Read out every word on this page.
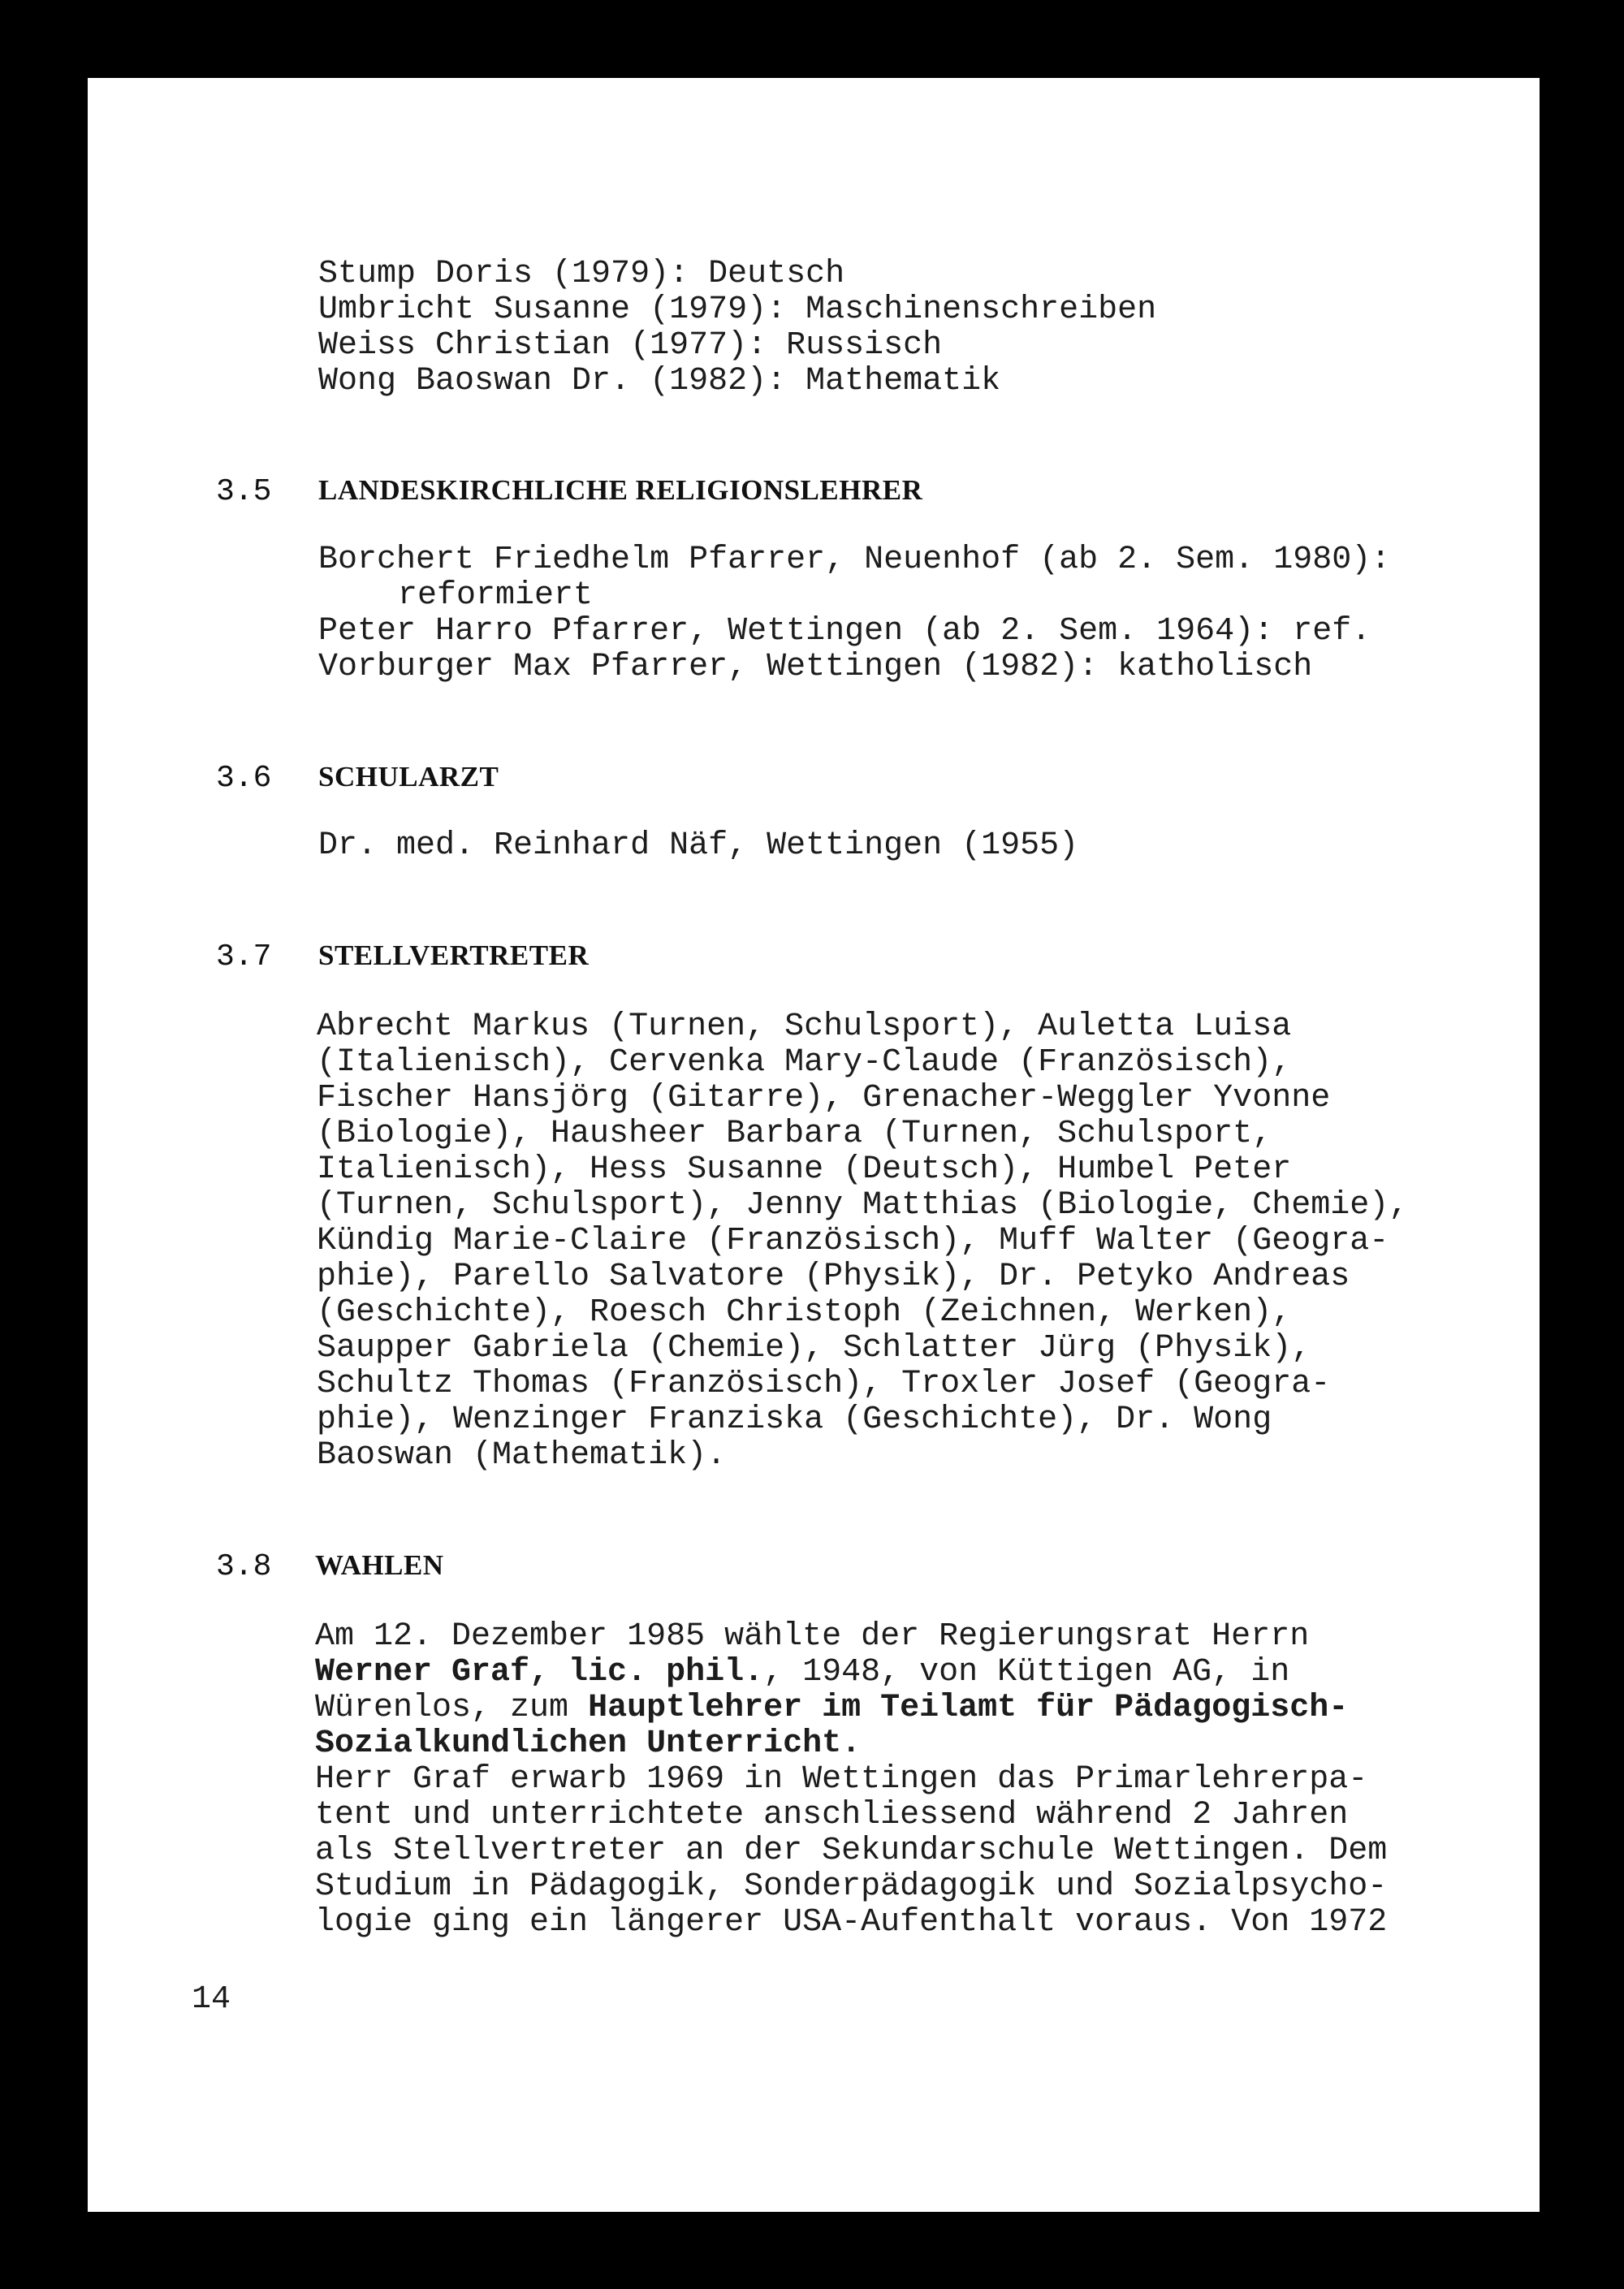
Stump Doris (1979): Deutsch

Umbricht Susanne (1979): Maschinenschreiben

Weiss Christian (1977): Russisch

Wong Baoswan Dr. (1982): Mathematik

3.5 LANDESKIRCHLICHE RELIGIONSLEHRER

Borchert Friedhelm Pfarrer, Neuenhof (ab 2. Sem. 1980):

reformiert

Peter Harro Pfarrer, Wettingen (ab 2. Sem. 1964): ref.

Vorburger Max Pfarrer, Wettingen (1982): katholisch

3.6 SCHULARZT

Dr. med. Reinhard Näf, Wettingen (1955)

3.7 STELLVERTRETER

Abrecht Markus (Turnen, Schulsport), Auletta Luisa

(Italienisch), Cervenka Mary-Claude (Französisch),

Fischer Hansjörg (Gitarre), Grenacher-Weggler Yvonne

(Biologie), Hausheer Barbara (Turnen, Schulsport,

Italienisch), Hess Susanne (Deutsch), Humbel Peter

(Turnen, Schulsport), Jenny Matthias (Biologie, Chemie),

Kündig Marie-Claire (Französisch), Muff Walter (Geogra-

phie), Parello Salvatore (Physik), Dr. Petyko Andreas

(Geschichte), Roesch Christoph (Zeichnen, Werken),

Saupper Gabriela (Chemie), Schlatter Jürg (Physik),

Schultz Thomas (Französisch), Troxler Josef (Geogra-

phie), Wenzinger Franziska (Geschichte), Dr. Wong

Baoswan (Mathematik).

3.8 WAHLEN

Am 12. Dezember 1985 wählte der Regierungsrat Herrn

Werner Graf, lic. phil., 1948, von Küttigen AG, in

Würenlos, zum Hauptlehrer im Teilamt für Pädagogisch-

Sozialkundlichen Unterricht.

Herr Graf erwarb 1969 in Wettingen das Primarlehrerpa-

tent und unterrichtete anschliessend während 2 Jahren

als Stellvertreter an der Sekundarschule Wettingen. Dem

Studium in Pädagogik, Sonderpädagogik und Sozialpsycho-

logie ging ein längerer USA-Aufenthalt voraus. Von 1972

14
